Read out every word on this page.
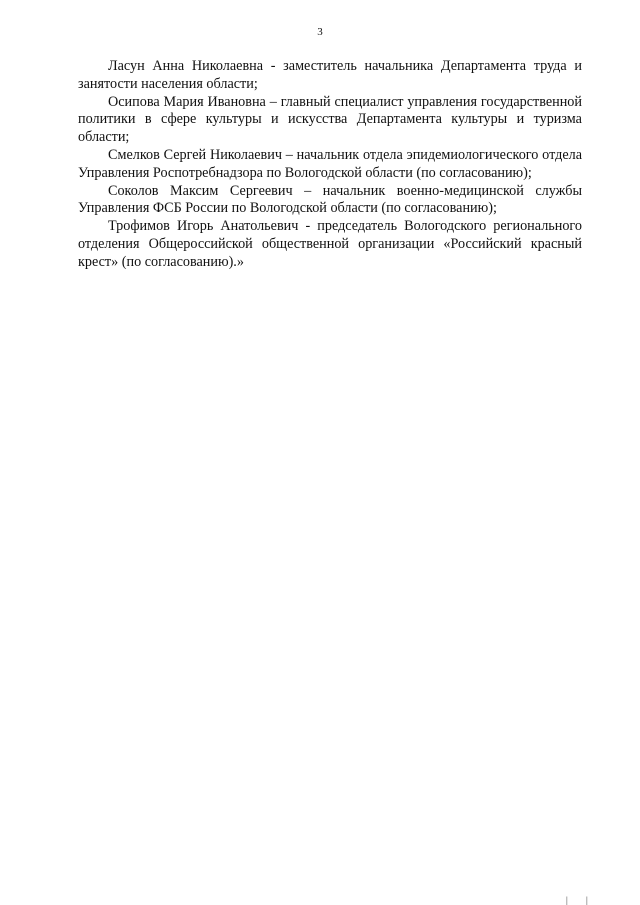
3

Ласун Анна Николаевна - заместитель начальника Департамента труда и занятости населения области;

Осипова Мария Ивановна – главный специалист управления государственной политики в сфере культуры и искусства Департамента культуры и туризма области;

Смелков Сергей Николаевич – начальник отдела эпидемиологического отдела Управления Роспотребнадзора по Вологодской области (по согласованию);

Соколов Максим Сергеевич – начальник военно-медицинской службы Управления ФСБ России по Вологодской области (по согласованию);

Трофимов Игорь Анатольевич - председатель Вологодского регионального отделения Общероссийской общественной организации «Российский красный крест» (по согласованию).»

| |
